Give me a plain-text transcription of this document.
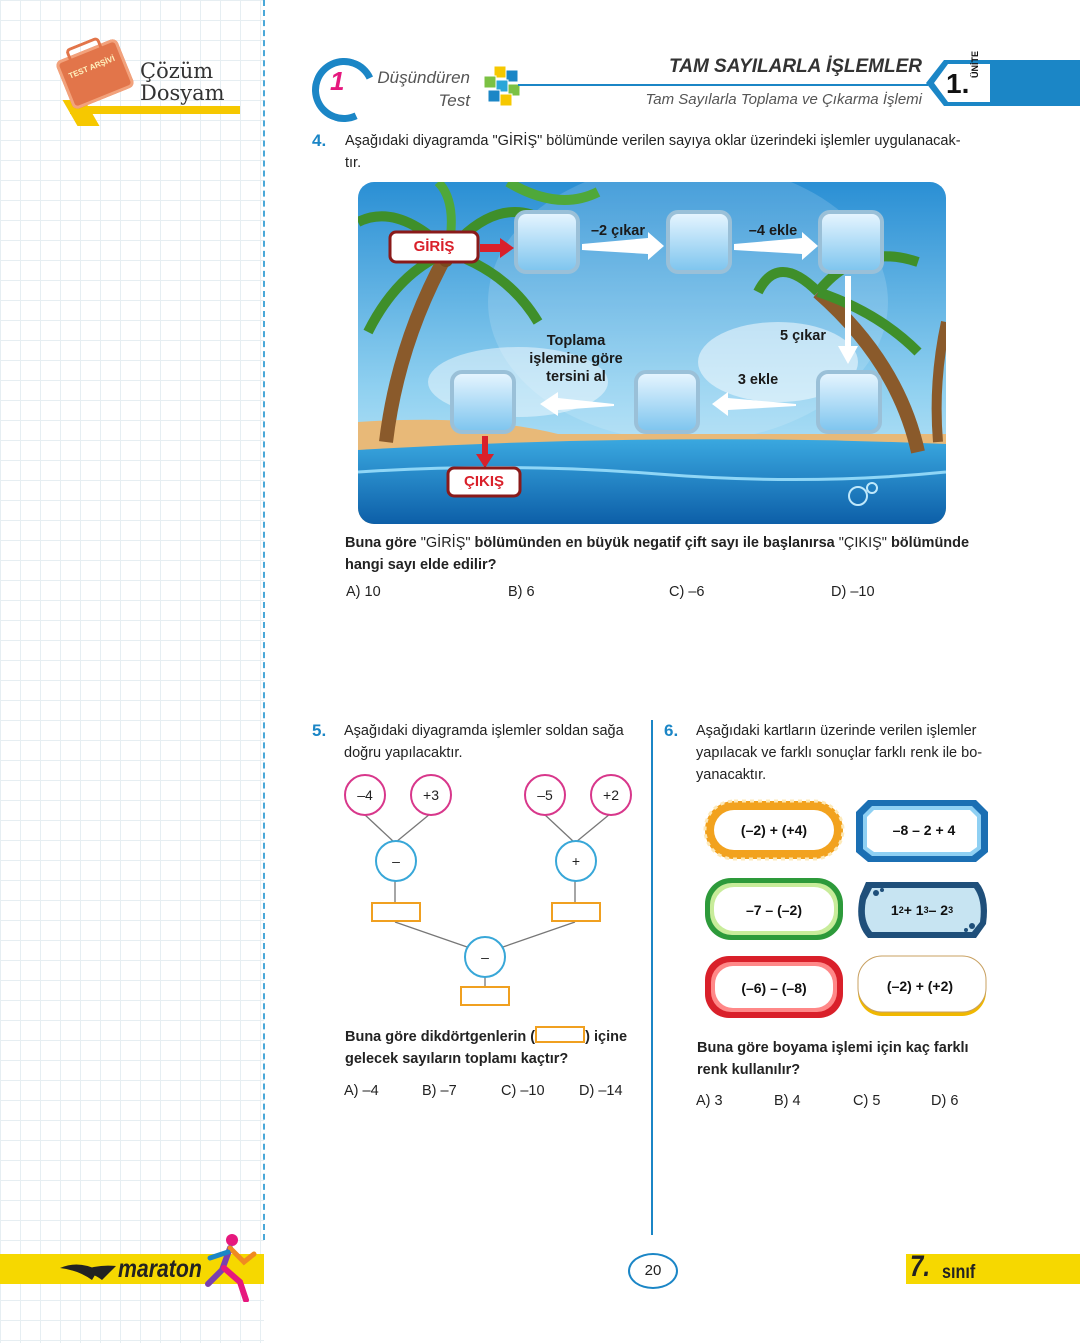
TEST ARŞİVİ Çözüm
Dosyam	1	Düşündüren
Test
TAM SAYILARLA İŞLEMLER
Tam Sayılarla Toplama ve Çıkarma İşlemi
1.
ÜNİTE
4. Aşağıdaki diyagramda "GİRİŞ" bölümünde verilen sayıya oklar üzerindeki işlemler uygulanacak-
tır.
GİRİŞ
ÇIKIŞ
–2 çıkar	–4 ekle
5 çıkar
3 ekle
Toplama
işlemine göre
tersini al
Buna göre "GİRİŞ" bölümünden en büyük negatif çift sayı ile başlanırsa "ÇIKIŞ" bölümünde
hangi sayı elde edilir?
A) 10	B) 6	C) –6	D) –10
5. Aşağıdaki diyagramda işlemler soldan sağa
doğru yapılacaktır.
–4	+3	–5	+2
–	+
–
Buna göre dikdörtgenlerin (	) içine
gelecek sayıların toplamı kaçtır?
A) –4	B) –7	C) –10 D) –14
6. Aşağıdaki kartların üzerinde verilen işlemler
yapılacak ve farklı sonuçlar farklı renk ile bo-
yanacaktır.
(–2) + (+4)	–8 – 2 + 4
–7 – (–2)	1 2 + 1 3 – 2 3
(–6) – (–8)	(–2) + (+2)
Buna göre boyama işlemi için kaç farklı
renk kullanılır?
A) 3	B) 4	C) 5	D) 6
maraton	20	7. sınıf
